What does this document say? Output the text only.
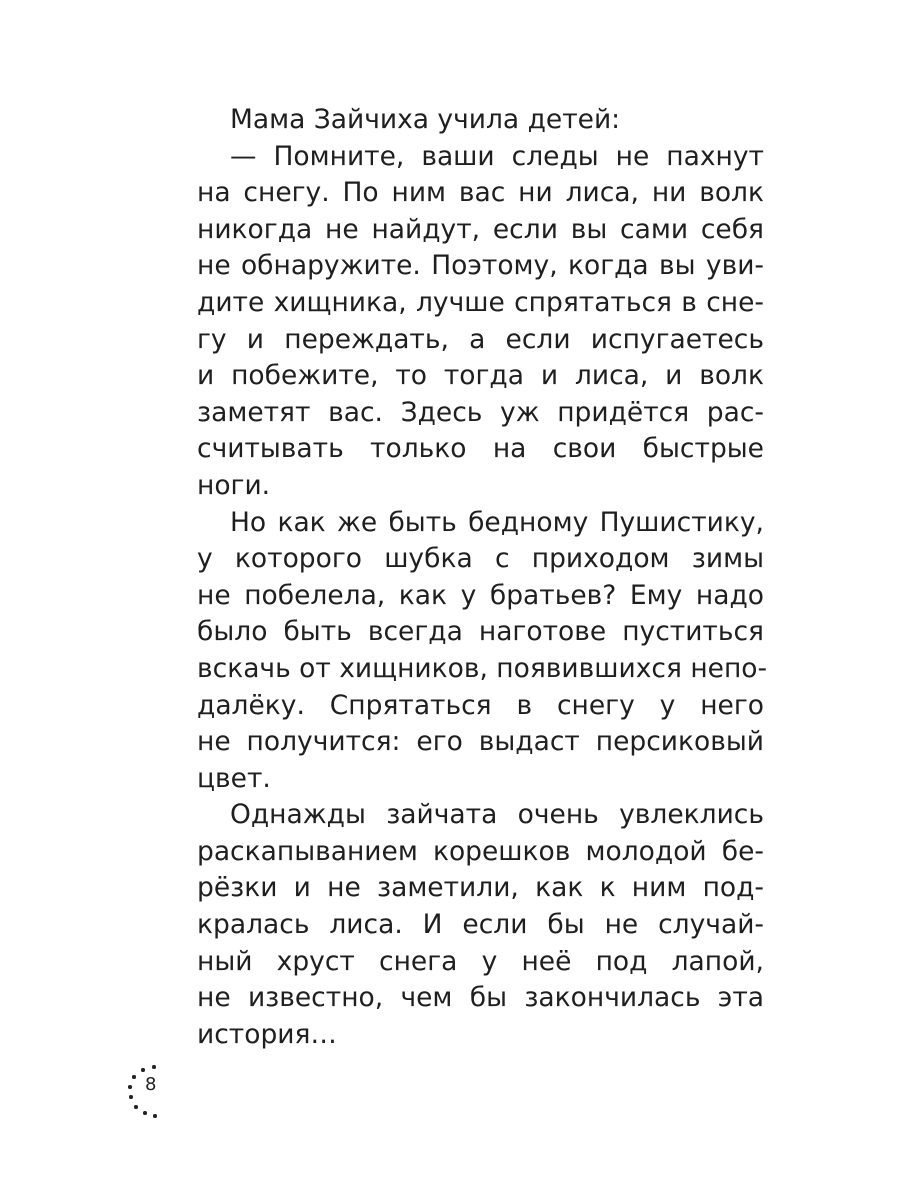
Мама Зайчиха учила детей:
— Помните, ваши следы не пахнут
на снегу. По ним вас ни лиса, ни волк
никогда не найдут, если вы сами себя
не обнаружите. Поэтому, когда вы уви-
дите хищника, лучше спрятаться в сне-
гу и переждать, а если испугаетесь
и побежите, то тогда и лиса, и волк
заметят вас. Здесь уж придётся рас-
считывать только на свои быстрые
ноги.
Но как же быть бедному Пушистику,
у которого шубка с приходом зимы
не побелела, как у братьев? Ему надо
было быть всегда наготове пуститься
вскачь от хищников, появившихся непо-
далёку. Спрятаться в снегу у него
не получится: его выдаст персиковый
цвет.
Однажды зайчата очень увлеклись
раскапыванием корешков молодой бе-
рёзки и не заметили, как к ним под-
кралась лиса. И если бы не случай-
ный хруст снега у неё под лапой,
не известно, чем бы закончилась эта
история…
8
